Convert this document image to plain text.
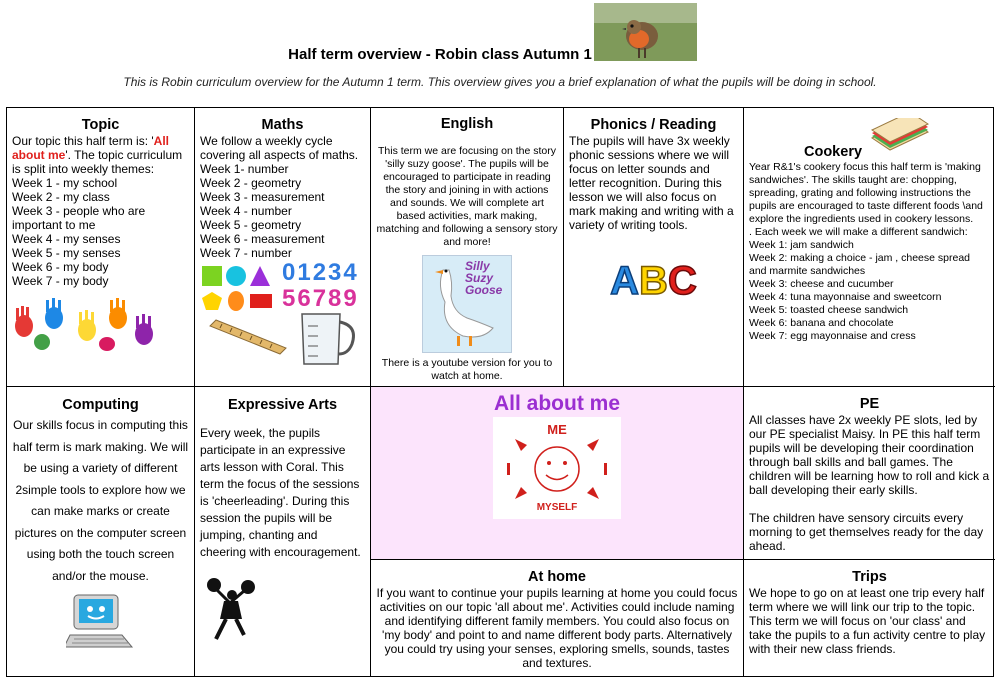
Half term overview - Robin class Autumn 1
This is Robin curriculum overview for the Autumn 1 term. This overview gives you a brief explanation of what the pupils will be doing in school.
Topic
Our topic this half term is: 'All about me'. The topic curriculum is split into weekly themes:
Week 1 - my school
Week 2 - my class
Week 3 - people who are important to me
Week 4 - my senses
Week 5 - my senses
Week 6 - my body
Week 7 - my body
Maths
We follow a weekly cycle covering all aspects of maths.
Week 1- number
Week 2 - geometry
Week 3 - measurement
Week 4 - number
Week 5 - geometry
Week 6 - measurement
Week 7 - number
01234
56789
English
This term we are focusing on the story 'silly suzy goose'. The pupils will be encouraged to participate in reading the story and joining in with actions and sounds. We will complete art based activities, mark making, matching and following a sensory story and more!
Silly
Suzy
Goose
There is a youtube version for you to watch at home.
Phonics / Reading
The pupils will have 3x weekly phonic sessions where we will focus on letter sounds and letter recognition. During this lesson we will also focus on mark making and writing with a variety of writing tools.
ABC
Cookery
Year R&1's cookery focus this half term is 'making sandwiches'. The skills taught are: chopping, spreading, grating and following instructions the pupils are encouraged to taste different foods \and explore the ingredients used in cookery lessons.
. Each week we will make a different sandwich:
Week 1: jam sandwich
Week 2: making a choice - jam , cheese spread and marmite sandwiches
Week 3: cheese and cucumber
Week 4: tuna mayonnaise and sweetcorn
Week 5: toasted cheese sandwich
Week 6: banana and chocolate
Week 7: egg mayonnaise and cress
Computing
Our skills focus in computing this half term is mark making. We will be using a variety of different 2simple tools to explore how we can make marks or create pictures on the computer screen using both the touch screen and/or the mouse.
Expressive Arts
Every week, the pupils participate in an expressive arts lesson with Coral. This term the focus of the sessions is 'cheerleading'. During this session the pupils will be jumping, chanting and cheering with encouragement.
All about me
ME
MYSELF
PE
All classes have 2x weekly PE slots, led by our PE specialist Maisy. In PE this half term pupils will be developing their coordination through ball skills and ball games. The children will be learning how to roll and kick a ball developing their early skills.
The children have sensory circuits every morning to get themselves ready for the day ahead.
At home
If you want to continue your pupils learning at home you could focus activities on our topic 'all about me'. Activities could include naming and identifying different family members. You could also focus on 'my body' and point to and name different body parts. Alternatively you could try using your senses, exploring smells, sounds, tastes and textures.
Trips
We hope to go on at least one trip every half term where we will link our trip to the topic. This term we will focus on 'our class' and take the pupils to a fun activity centre to play with their new class friends.
